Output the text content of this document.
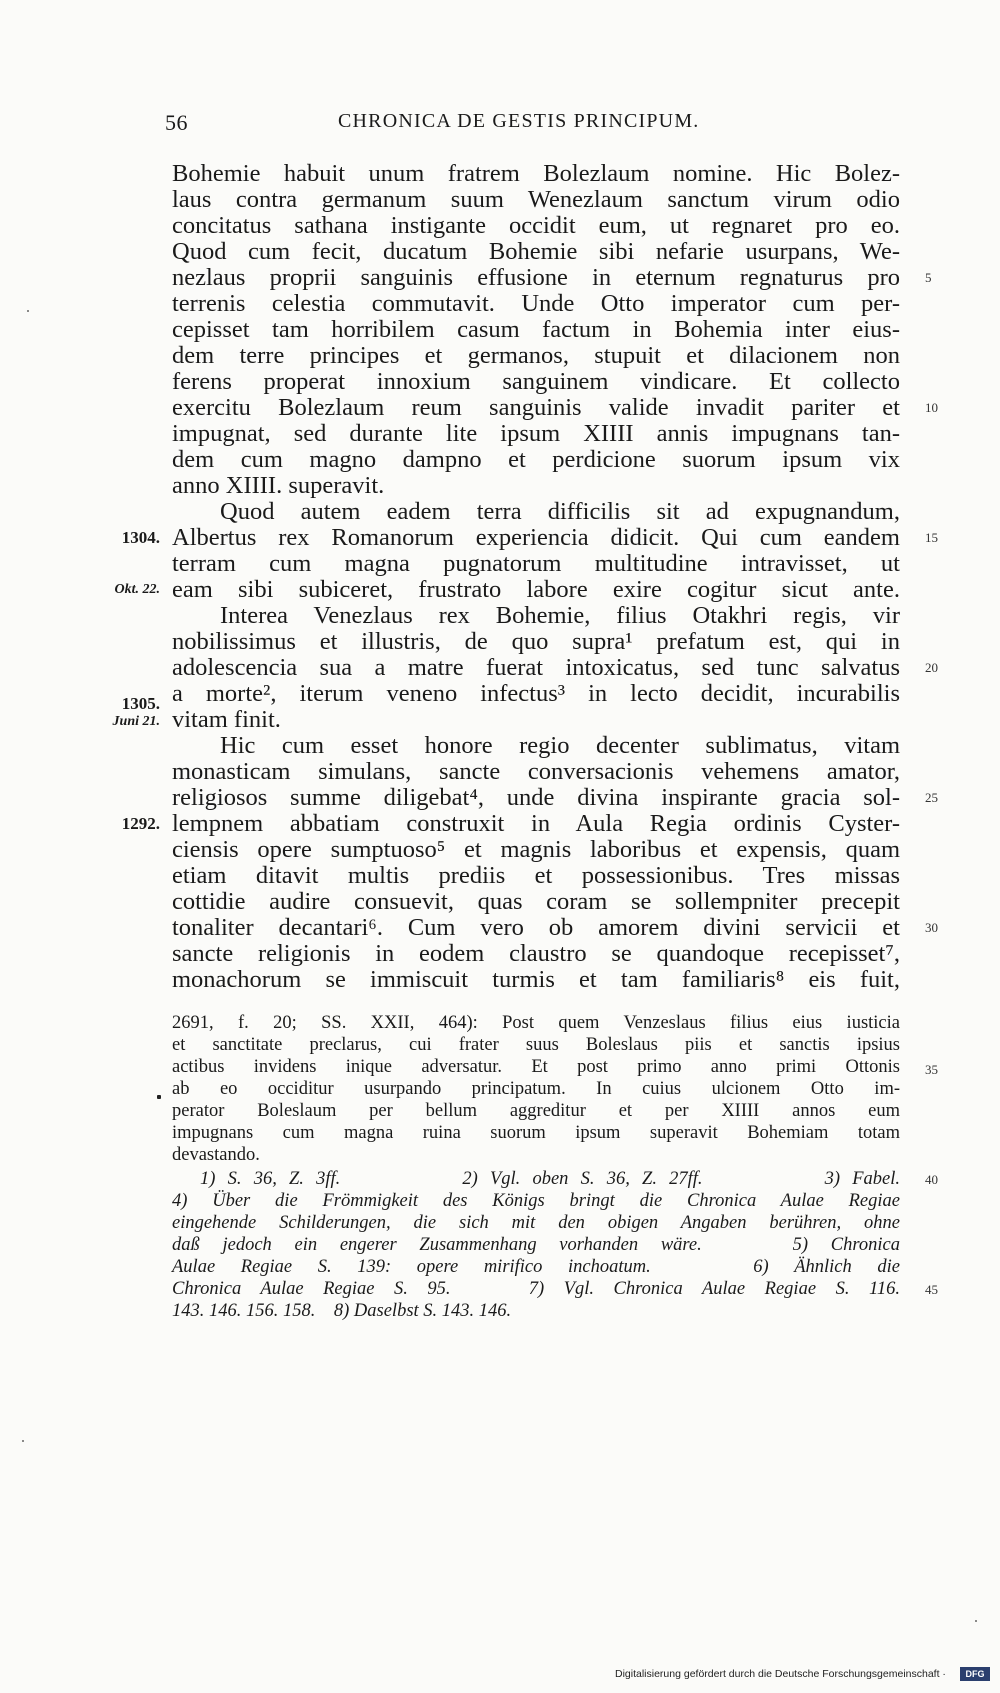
56	CHRONICA DE GESTIS PRINCIPUM.
Bohemie habuit unum fratrem Bolezlaum nomine. Hic Bolez-
laus contra germanum suum Wenezlaum sanctum virum odio
concitatus sathana instigante occidit eum, ut regnaret pro eo.
Quod cum fecit, ducatum Bohemie sibi nefarie usurpans, We-
nezlaus proprii sanguinis effusione in eternum regnaturus pro
terrenis celestia commutavit. Unde Otto imperator cum per-
cepisset tam horribilem casum factum in Bohemia inter eius-
dem terre principes et germanos, stupuit et dilacionem non
ferens properat innoxium sanguinem vindicare. Et collecto
exercitu Bolezlaum reum sanguinis valide invadit pariter et
impugnat, sed durante lite ipsum XIIII annis impugnans tan-
dem cum magno dampno et perdicione suorum ipsum vix
anno XIIII. superavit.
Quod autem eadem terra difficilis sit ad expugnandum,
Albertus rex Romanorum experiencia didicit. Qui cum eandem
terram cum magna pugnatorum multitudine intravisset, ut
eam sibi subiceret, frustrato labore exire cogitur sicut ante.
Interea Venezlaus rex Bohemie, filius Otakhri regis, vir
nobilissimus et illustris, de quo supra¹ prefatum est, qui in
adolescencia sua a matre fuerat intoxicatus, sed tunc salvatus
a morte², iterum veneno infectus³ in lecto decidit, incurabilis
vitam finit.
Hic cum esset honore regio decenter sublimatus, vitam
monasticam simulans, sancte conversacionis vehemens amator,
religiosos summe diligebat⁴, unde divina inspirante gracia sol-
lempnem abbatiam construxit in Aula Regia ordinis Cyster-
ciensis opere sumptuoso⁵ et magnis laboribus et expensis, quam
etiam ditavit multis prediis et possessionibus. Tres missas
cottidie audire consuevit, quas coram se sollempniter precepit
tonaliter decantari⁶. Cum vero ob amorem divini servicii et
sancte religionis in eodem claustro se quandoque recepisset⁷,
monachorum se immiscuit turmis et tam familiaris⁸ eis fuit,
1304.
Okt. 22.
1305.
Juni 21.
1292.
5
10
15
20
25
30
35
40
45
2691, f. 20; SS. XXII, 464): Post quem Venzeslaus filius eius iusticia
et sanctitate preclarus, cui frater suus Boleslaus piis et sanctis ipsius
actibus invidens inique adversatur. Et post primo anno primi Ottonis
ab eo occiditur usurpando principatum. In cuius ulcionem Otto im-
perator Boleslaum per bellum aggreditur et per XIIII annos eum
impugnans cum magna ruina suorum ipsum superavit Bohemiam totam
devastando.
1) S. 36, Z. 3ff.          2) Vgl. oben S. 36, Z. 27ff.          3) Fabel.
4) Über die Frömmigkeit des Königs bringt die Chronica Aulae Regiae
eingehende Schilderungen, die sich mit den obigen Angaben berühren, ohne
daß jedoch ein engerer Zusammenhang vorhanden wäre.    5) Chronica
Aulae Regiae S. 139: opere mirifico inchoatum.    6) Ähnlich die
Chronica Aulae Regiae S. 95.    7) Vgl. Chronica Aulae Regiae S. 116.
143. 146. 156. 158.    8) Daselbst S. 143. 146.
Digitalisierung gefördert durch die Deutsche Forschungsgemeinschaft ·	DFG
